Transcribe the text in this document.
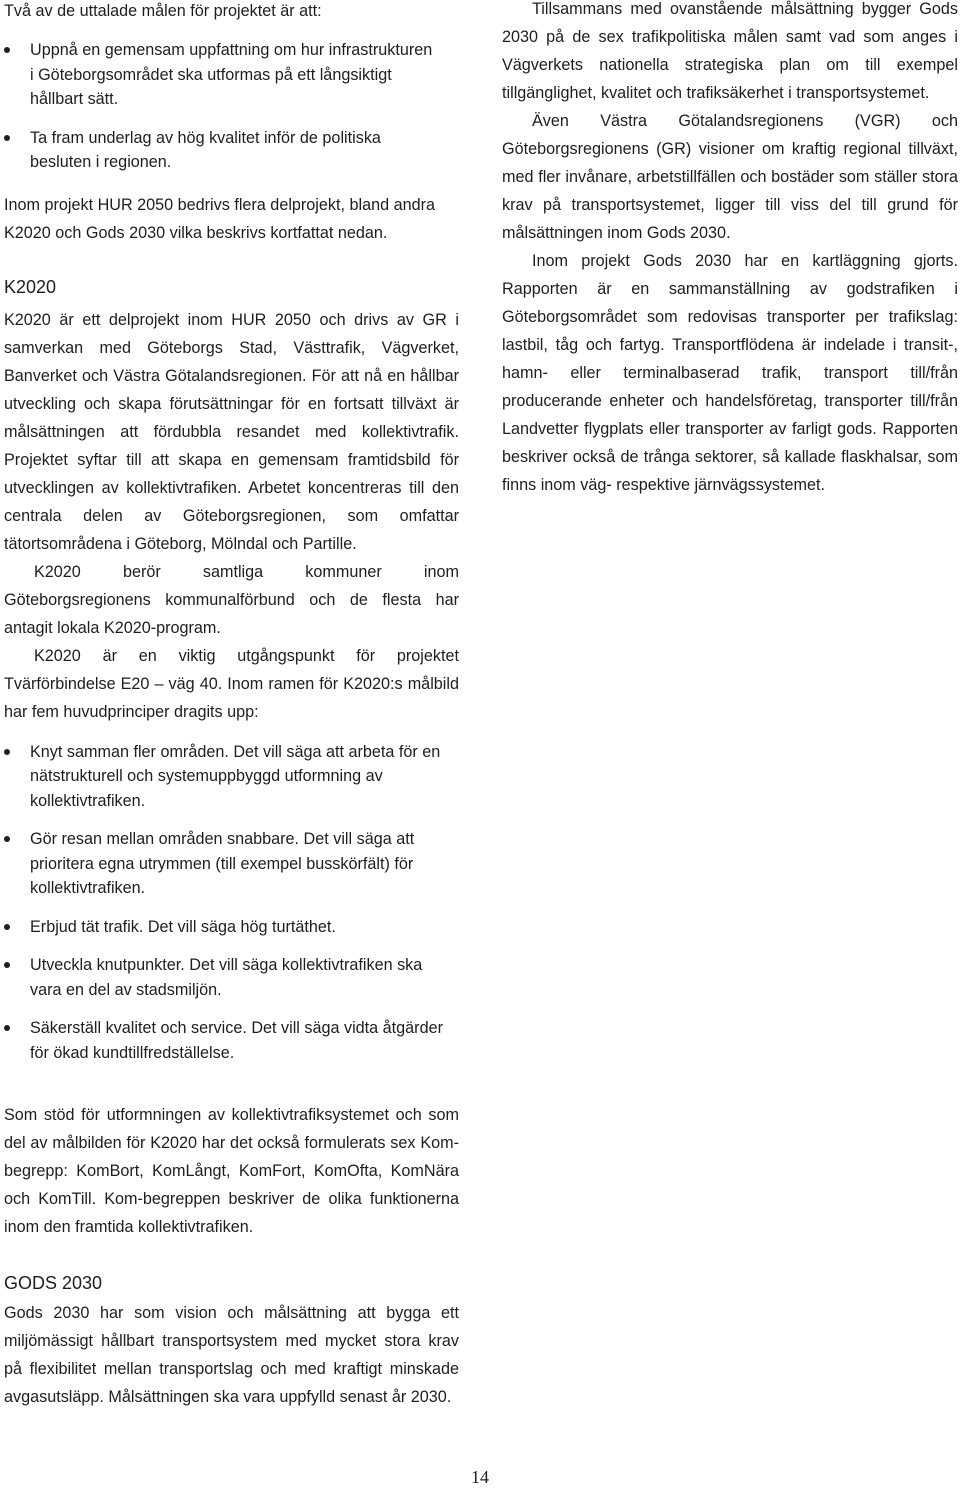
Två av de uttalade målen för projektet är att:

Uppnå en gemensam uppfattning om hur infrastrukturen i Göteborgsområdet ska utformas på ett långsiktigt hållbart sätt.
Ta fram underlag av hög kvalitet inför de politiska besluten i regionen.

Inom projekt HUR 2050 bedrivs flera delprojekt, bland andra K2020 och Gods 2030 vilka beskrivs kortfattat nedan.

K2020

K2020 är ett delprojekt inom HUR 2050 och drivs av GR i samverkan med Göteborgs Stad, Västtrafik, Vägverket, Banverket och Västra Götalandsregionen. För att nå en hållbar utveckling och skapa förutsättningar för en fortsatt tillväxt är målsättningen att fördubbla resandet med kollektivtrafik. Projektet syftar till att skapa en gemensam framtidsbild för utvecklingen av kollektivtrafiken. Arbetet koncentreras till den centrala delen av Göteborgsregionen, som omfattar tätortsområdena i Göteborg, Mölndal och Partille.

K2020 berör samtliga kommuner inom Göteborgsregionens kommunalförbund och de flesta har antagit lokala K2020-program.

K2020 är en viktig utgångspunkt för projektet Tvärförbindelse E20 – väg 40. Inom ramen för K2020:s målbild har fem huvudprinciper dragits upp:

Knyt samman fler områden. Det vill säga att arbeta för en nätstrukturell och systemuppbyggd utformning av kollektivtrafiken.
Gör resan mellan områden snabbare. Det vill säga att prioritera egna utrymmen (till exempel busskörfält) för kollektivtrafiken.
Erbjud tät trafik. Det vill säga hög turtäthet.
Utveckla knutpunkter. Det vill säga kollektivtrafiken ska vara en del av stadsmiljön.
Säkerställ kvalitet och service. Det vill säga vidta åtgärder för ökad kundtillfredställelse.

Som stöd för utformningen av kollektivtrafiksystemet och som del av målbilden för K2020 har det också formulerats sex Kom-begrepp: KomBort, KomLångt, KomFort, KomOfta, KomNära och KomTill. Kom-begreppen beskriver de olika funktionerna inom den framtida kollektivtrafiken.

GODS 2030

Gods 2030 har som vision och målsättning att bygga ett miljömässigt hållbart transportsystem med mycket stora krav på flexibilitet mellan transportslag och med kraftigt minskade avgasutsläpp. Målsättningen ska vara uppfylld senast år 2030.

Tillsammans med ovanstående målsättning bygger Gods 2030 på de sex trafikpolitiska målen samt vad som anges i Vägverkets nationella strategiska plan om till exempel tillgänglighet, kvalitet och trafiksäkerhet i transportsystemet.

Även Västra Götalandsregionens (VGR) och Göteborgsregionens (GR) visioner om kraftig regional tillväxt, med fler invånare, arbetstillfällen och bostäder som ställer stora krav på transportsystemet, ligger till viss del till grund för målsättningen inom Gods 2030.

Inom projekt Gods 2030 har en kartläggning gjorts. Rapporten är en sammanställning av godstrafiken i Göteborgsområdet som redovisas transporter per trafikslag: lastbil, tåg och fartyg. Transportflödena är indelade i transit-, hamn- eller terminalbaserad trafik, transport till/från producerande enheter och handelsföretag, transporter till/från Landvetter flygplats eller transporter av farligt gods. Rapporten beskriver också de trånga sektorer, så kallade flaskhalsar, som finns inom väg- respektive järnvägssystemet.

14
